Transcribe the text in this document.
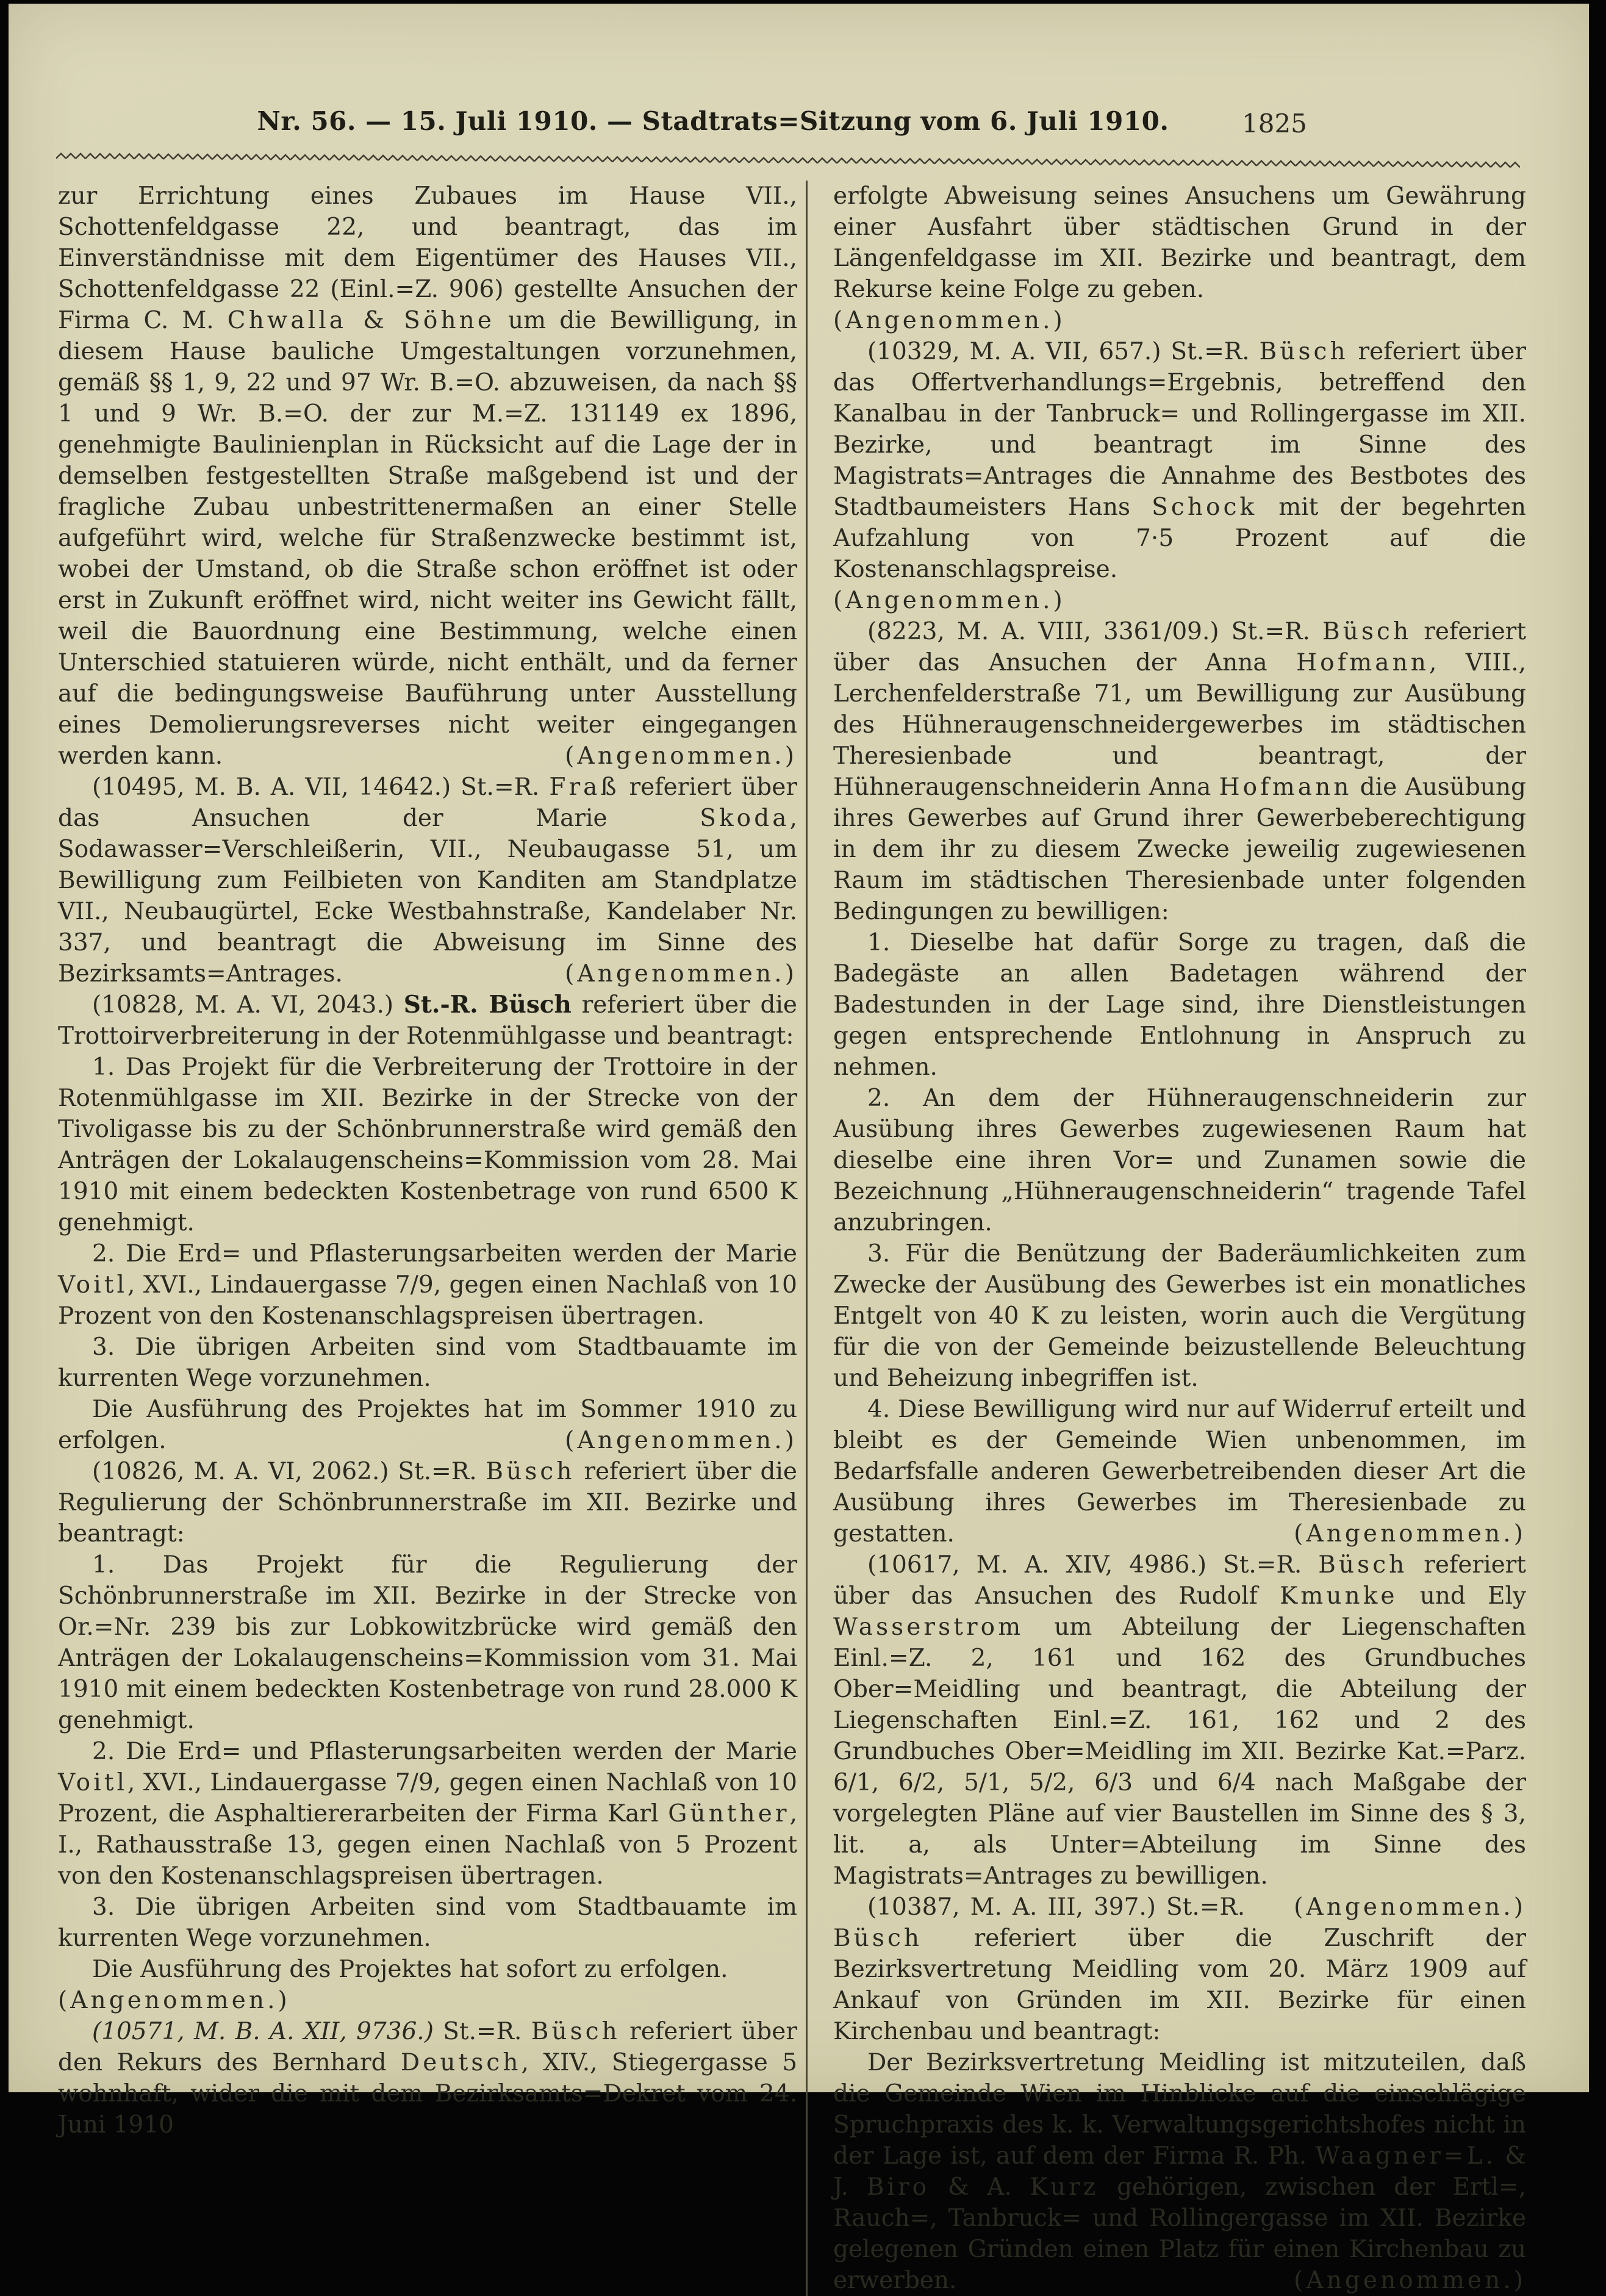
Nr. 56. — 15. Juli 1910. — Stadtrats=Sitzung vom 6. Juli 1910.	1825

zur Errichtung eines Zubaues im Hause VII., Schottenfeldgasse 22, und beantragt, das im Einverständnisse mit dem Eigentümer des Hauses VII., Schottenfeldgasse 22 (Einl.=Z. 906) gestellte Ansuchen der Firma C. M. Chwalla & Söhne um die Bewilligung, in diesem Hause bauliche Umgestaltungen vorzunehmen, gemäß §§ 1, 9, 22 und 97 Wr. B.=O. abzuweisen, da nach §§ 1 und 9 Wr. B.=O. der zur M.=Z. 131149 ex 1896, genehmigte Baulinienplan in Rücksicht auf die Lage der in demselben festgestellten Straße maßgebend ist und der fragliche Zubau unbestrittenermaßen an einer Stelle aufgeführt wird, welche für Straßenzwecke bestimmt ist, wobei der Umstand, ob die Straße schon eröffnet ist oder erst in Zukunft eröffnet wird, nicht weiter ins Gewicht fällt, weil die Bauordnung eine Bestimmung, welche einen Unterschied statuieren würde, nicht enthält, und da ferner auf die bedingungsweise Bauführung unter Ausstellung eines Demolierungsreverses nicht weiter eingegangen werden kann.	(Angenommen.)

(10495, M. B. A. VII, 14642.) St.=R. Fraß referiert über das Ansuchen der Marie Skoda, Sodawasser=Verschleißerin, VII., Neubaugasse 51, um Bewilligung zum Feilbieten von Kanditen am Standplatze VII., Neubaugürtel, Ecke Westbahnstraße, Kandelaber Nr. 337, und beantragt die Abweisung im Sinne des Bezirksamts=Antrages.	(Angenommen.)

(10828, M. A. VI, 2043.) St.-R. Büsch referiert über die Trottoirverbreiterung in der Rotenmühlgasse und beantragt:

1. Das Projekt für die Verbreiterung der Trottoire in der Rotenmühlgasse im XII. Bezirke in der Strecke von der Tivoligasse bis zu der Schönbrunnerstraße wird gemäß den Anträgen der Lokalaugenscheins=Kommission vom 28. Mai 1910 mit einem bedeckten Kostenbetrage von rund 6500 K genehmigt.

2. Die Erd= und Pflasterungsarbeiten werden der Marie Voitl, XVI., Lindauergasse 7/9, gegen einen Nachlaß von 10 Prozent von den Kostenanschlagspreisen übertragen.

3. Die übrigen Arbeiten sind vom Stadtbauamte im kurrenten Wege vorzunehmen.

Die Ausführung des Projektes hat im Sommer 1910 zu erfolgen.	(Angenommen.)

(10826, M. A. VI, 2062.) St.=R. Büsch referiert über die Regulierung der Schönbrunnerstraße im XII. Bezirke und beantragt:

1. Das Projekt für die Regulierung der Schönbrunnerstraße im XII. Bezirke in der Strecke von Or.=Nr. 239 bis zur Lobkowitzbrücke wird gemäß den Anträgen der Lokalaugenscheins=Kommission vom 31. Mai 1910 mit einem bedeckten Kostenbetrage von rund 28.000 K genehmigt.

2. Die Erd= und Pflasterungsarbeiten werden der Marie Voitl, XVI., Lindauergasse 7/9, gegen einen Nachlaß von 10 Prozent, die Asphaltiererarbeiten der Firma Karl Günther, I., Rathausstraße 13, gegen einen Nachlaß von 5 Prozent von den Kostenanschlagspreisen übertragen.

3. Die übrigen Arbeiten sind vom Stadtbauamte im kurrenten Wege vorzunehmen.

Die Ausführung des Projektes hat sofort zu erfolgen.

(Angenommen.)

(10571, M. B. A. XII, 9736.) St.=R. Büsch referiert über den Rekurs des Bernhard Deutsch, XIV., Stiegergasse 5 wohnhaft, wider die mit dem Bezirksamts=Dekret vom 24. Juni 1910

erfolgte Abweisung seines Ansuchens um Gewährung einer Ausfahrt über städtischen Grund in der Längenfeldgasse im XII. Bezirke und beantragt, dem Rekurse keine Folge zu geben.

(Angenommen.)

(10329, M. A. VII, 657.) St.=R. Büsch referiert über das Offertverhandlungs=Ergebnis, betreffend den Kanalbau in der Tanbruck= und Rollingergasse im XII. Bezirke, und beantragt im Sinne des Magistrats=Antrages die Annahme des Bestbotes des Stadtbaumeisters Hans Schock mit der begehrten Aufzahlung von 7·5 Prozent auf die Kostenanschlagspreise.

(Angenommen.)

(8223, M. A. VIII, 3361/09.) St.=R. Büsch referiert über das Ansuchen der Anna Hofmann, VIII., Lerchenfelderstraße 71, um Bewilligung zur Ausübung des Hühneraugenschneidergewerbes im städtischen Theresienbade und beantragt, der Hühneraugenschneiderin Anna Hofmann die Ausübung ihres Gewerbes auf Grund ihrer Gewerbeberechtigung in dem ihr zu diesem Zwecke jeweilig zugewiesenen Raum im städtischen Theresienbade unter folgenden Bedingungen zu bewilligen:

1. Dieselbe hat dafür Sorge zu tragen, daß die Badegäste an allen Badetagen während der Badestunden in der Lage sind, ihre Dienstleistungen gegen entsprechende Entlohnung in Anspruch zu nehmen.

2. An dem der Hühneraugenschneiderin zur Ausübung ihres Gewerbes zugewiesenen Raum hat dieselbe eine ihren Vor= und Zunamen sowie die Bezeichnung „Hühneraugenschneiderin“ tragende Tafel anzubringen.

3. Für die Benützung der Baderäumlichkeiten zum Zwecke der Ausübung des Gewerbes ist ein monatliches Entgelt von 40 K zu leisten, worin auch die Vergütung für die von der Gemeinde beizustellende Beleuchtung und Beheizung inbegriffen ist.

4. Diese Bewilligung wird nur auf Widerruf erteilt und bleibt es der Gemeinde Wien unbenommen, im Bedarfsfalle anderen Gewerbetreibenden dieser Art die Ausübung ihres Gewerbes im Theresienbade zu gestatten.	(Angenommen.)

(10617, M. A. XIV, 4986.) St.=R. Büsch referiert über das Ansuchen des Rudolf Kmunke und Ely Wasserstrom um Abteilung der Liegenschaften Einl.=Z. 2, 161 und 162 des Grundbuches Ober=Meidling und beantragt, die Abteilung der Liegenschaften Einl.=Z. 161, 162 und 2 des Grundbuches Ober=Meidling im XII. Bezirke Kat.=Parz. 6/1, 6/2, 5/1, 5/2, 6/3 und 6/4 nach Maßgabe der vorgelegten Pläne auf vier Baustellen im Sinne des § 3, lit. a, als Unter=Abteilung im Sinne des Magistrats=Antrages zu bewilligen.
(Angenommen.)

(10387, M. A. III, 397.) St.=R. Büsch referiert über die Zuschrift der Bezirksvertretung Meidling vom 20. März 1909 auf Ankauf von Gründen im XII. Bezirke für einen Kirchenbau und beantragt:

Der Bezirksvertretung Meidling ist mitzuteilen, daß die Gemeinde Wien im Hinblicke auf die einschlägige Spruchpraxis des k. k. Verwaltungsgerichtshofes nicht in der Lage ist, auf dem der Firma R. Ph. Waagner=L. & J. Biro & A. Kurz gehörigen, zwischen der Ertl=, Rauch=, Tanbruck= und Rollingergasse im XII. Bezirke gelegenen Gründen einen Platz für einen Kirchenbau zu erwerben.	(Angenommen.)
